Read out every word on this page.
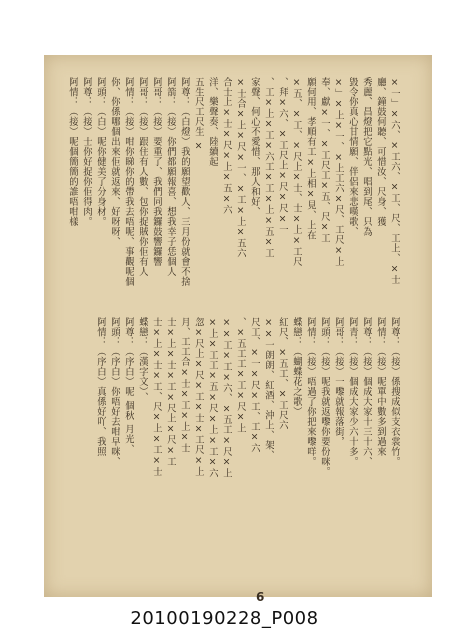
×一」×六、×工六、×工、尺、工上、×士
廳、鐘鼓何聽、可惜汝、尺身、獲
秀麗、昌燈把它點光、唱到尾、只為
毀令你真心甘情願、伴侶來悲嘆歌、
×」×上×一、×上工六×尺、工尺×上
奉、獻×一、×工尺工×五、尺×工
願何用、孝順有工×上相×見、上在
×五、×工、×尺上×士、士×上×工尺
、拜×六、×工尺上×尺×尺×一
、工×上×工×六工×工×上×五×工
家聲、何心不愛惜、那人和好、
×士合×上×尺×一、×工×上×五六
合士上×士×尺×上×五×六
洋、樂聲奏、陸續起
五生尺工尺生 ×
阿尊：（白燈）我的願望歡人、三月份就會不捨
阿箭：（接）你們都願報喜、想我幸子恁個人
阿哥：（接）要重了、我們同我鑼鼓響鑼響
阿哥：（接）跟住有人數、包你捉賊你佢有人
阿情：（接）咁你睇你的帶我去唔呢、事觀呢個
你、你係哪個出來佢就返來、好呀呀、
阿頭：（白）呢你健美了分身材。
阿尊：（接）士你好捉你佢得肉。
阿情：（接）呢個簡簡的誰唔咁樣
阿尊：（接）係搜成似支衣裳竹。
阿情：（接）呢單中數多到過來
阿尊：（接）個成大家十三十六、
阿青：（接）個成大家少六十多。
阿哥：（接）一嚟就報落街，
阿頭：（接）呢我就返嚟你要份咪。
阿情：（接）唔過了你把來嚟咩。
蝶戀：（蝴蝶花之歌）
紅尺、×五工、×工尺六
××一朗朗、紅酒、沖上、架、
尺工、×一×尺×工、工×六
、×五工工×工×尺×上
××工×工×六、×五工×尺×上
×上×工工×五×尺×上×工×六
忽×尺上×尺×工×士×工尺×上
月、工工合×士×工×上×士
士×上×士×工×尺上×尺×工
士×上×士×工、尺×上×工×士
蝶戀：（漢字文）、
阿尊：（序白）呢 個秋 月光、
阿頭：（序白）你唔好去咁早咪、
阿情：（序白）真係好吖、我照
6
20100190228_P008
